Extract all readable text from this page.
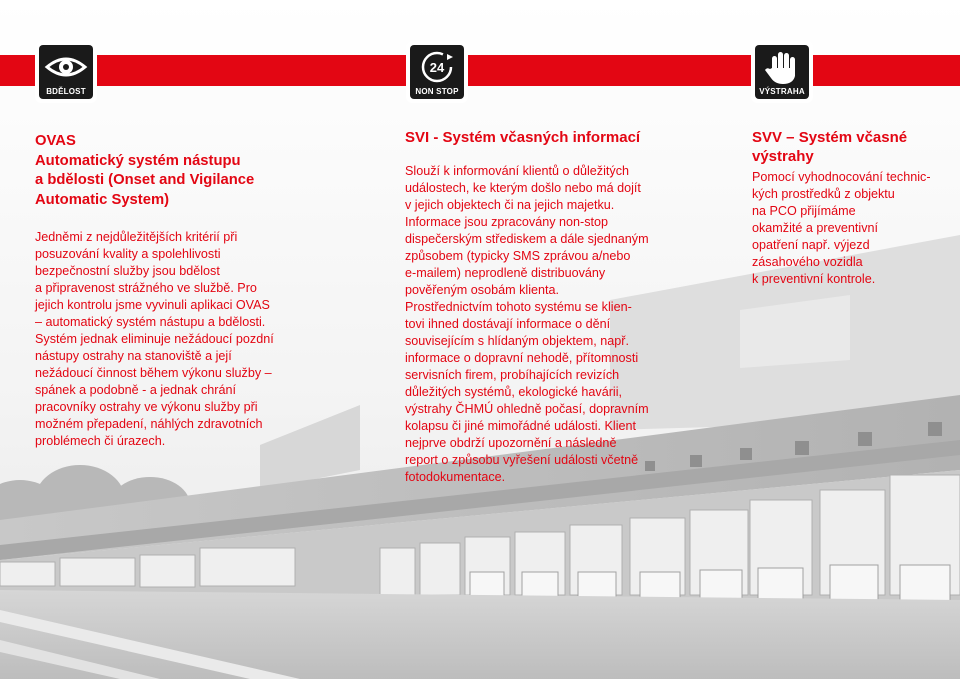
BDĚLOST
24
NON STOP	VÝSTRAHA
OVAS
Automatický systém nástupu
a bdělosti (Onset and Vigilance
Automatic System)

Jedněmi z nejdůležitějších kritérií při
posuzování kvality a spolehlivosti
bezpečnostní služby jsou bdělost
a připravenost strážného ve službě. Pro
jejich kontrolu jsme vyvinuli aplikaci OVAS
– automatický systém nástupu a bdělosti.
Systém jednak eliminuje nežádoucí pozdní
nástupy ostrahy na stanoviště a její
nežádoucí činnost během výkonu služby –
spánek a podobně - a jednak chrání
pracovníky ostrahy ve výkonu služby při
možném přepadení, náhlých zdravotních
problémech či úrazech.

SVI - Systém včasných informací

Slouží k informování klientů o důležitých
událostech, ke kterým došlo nebo má dojít
v jejich objektech či na jejich majetku.
Informace jsou zpracovány non-stop
dispečerským střediskem a dále sjednaným
způsobem (typicky SMS zprávou a/nebo
e-mailem) neprodleně distribuovány
pověřeným osobám klienta.
Prostřednictvím tohoto systému se klien-
tovi ihned dostávají informace o dění
souvisejícím s hlídaným objektem, např.
informace o dopravní nehodě, přítomnosti
servisních firem, probíhajících revizích
důležitých systémů, ekologické havárii,
výstrahy ČHMÚ ohledně počasí, dopravním
kolapsu či jiné mimořádné události. Klient
nejprve obdrží upozornění a následně
report o způsobu vyřešení události včetně
fotodokumentace.

SVV – Systém včasné
výstrahy

Pomocí vyhodnocování technic-
kých prostředků z objektu
na PCO přijímáme
okamžité a preventivní
opatření např. výjezd
zásahového vozidla
k preventivní kontrole.
